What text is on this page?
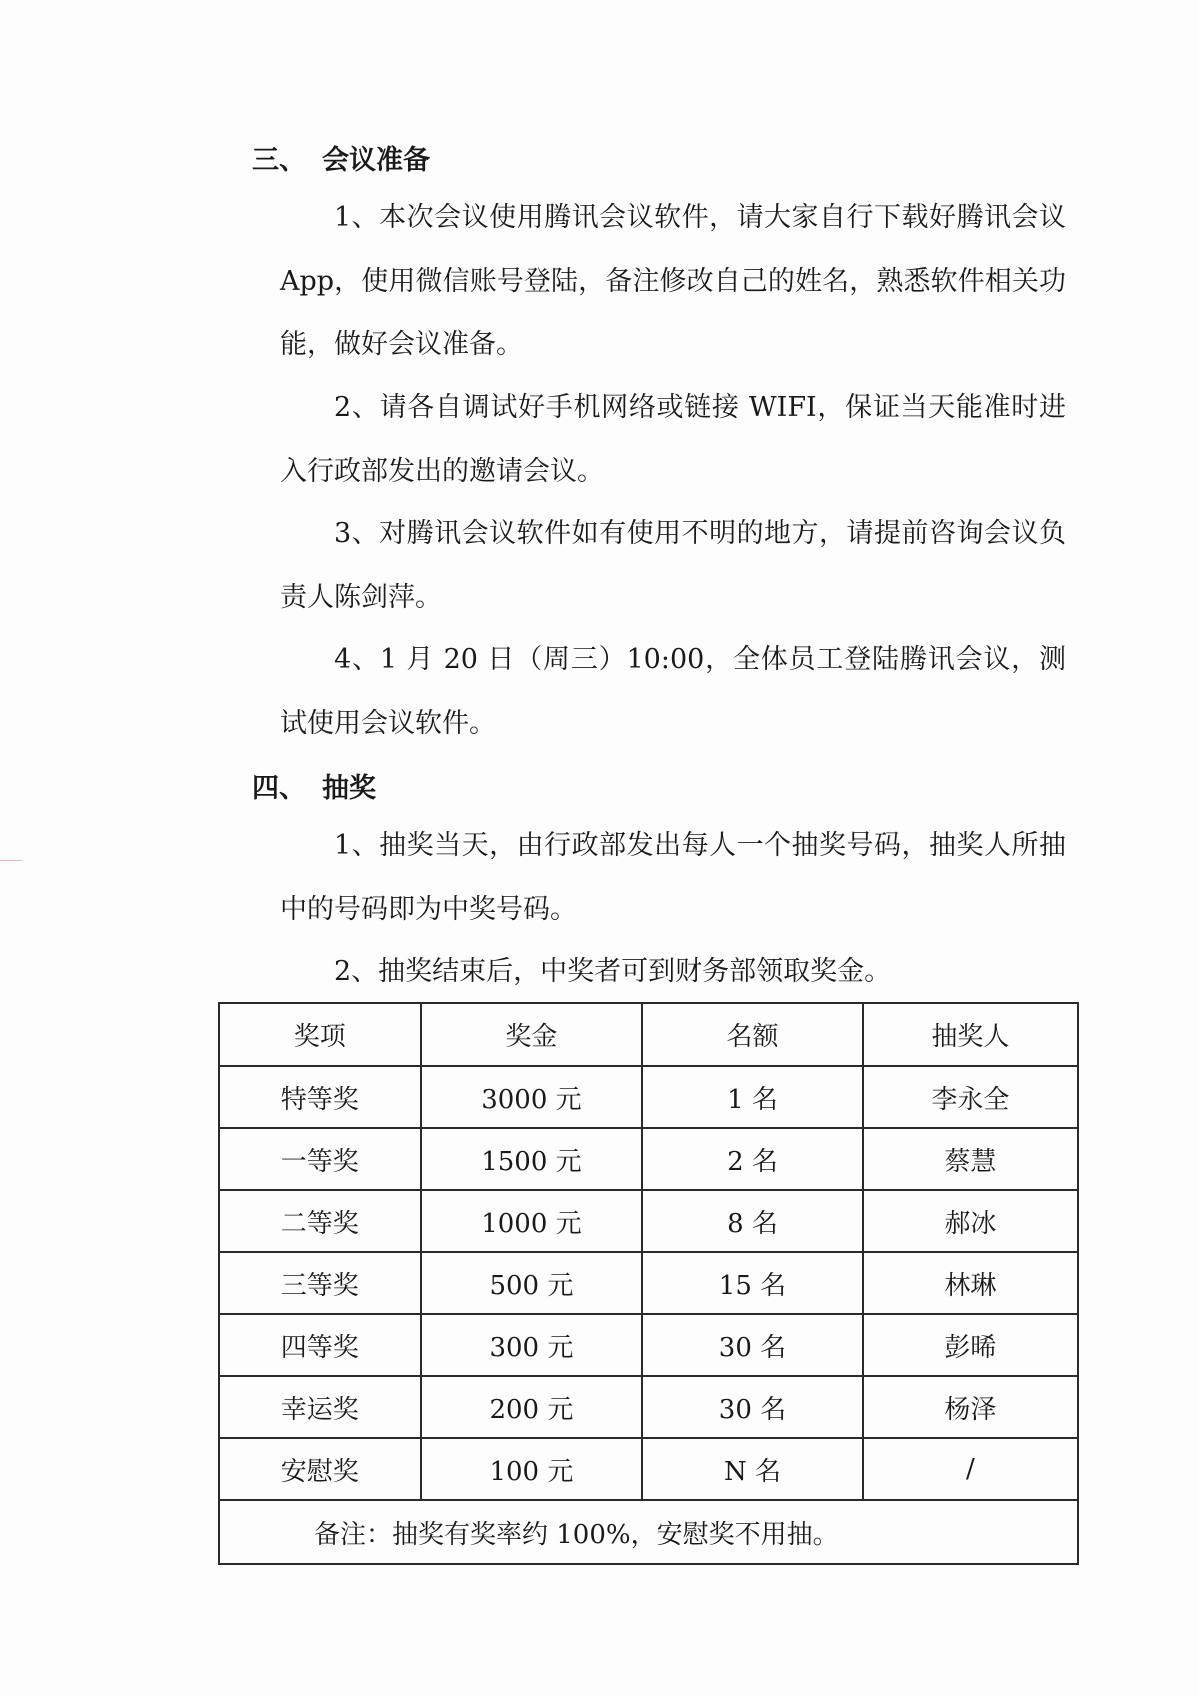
三、 会议准备

1、本次会议使用腾讯会议软件，请大家自行下载好腾讯会议App，使用微信账号登陆，备注修改自己的姓名，熟悉软件相关功能，做好会议准备。

2、请各自调试好手机网络或链接 WIFI，保证当天能准时进入行政部发出的邀请会议。

3、对腾讯会议软件如有使用不明的地方，请提前咨询会议负责人陈剑萍。

4、1 月 20 日（周三）10:00，全体员工登陆腾讯会议，测试使用会议软件。

四、 抽奖

1、抽奖当天，由行政部发出每人一个抽奖号码，抽奖人所抽中的号码即为中奖号码。

2、抽奖结束后，中奖者可到财务部领取奖金。

奖项	奖金	名额	抽奖人
特等奖	3000 元	1 名	李永全
一等奖	1500 元	2 名	蔡慧
二等奖	1000 元	8 名	郝冰
三等奖	500 元	15 名	林琳
四等奖	300 元	30 名	彭晞
幸运奖	200 元	30 名	杨泽
安慰奖	100 元	N 名	/
备注：抽奖有奖率约 100%，安慰奖不用抽。			
